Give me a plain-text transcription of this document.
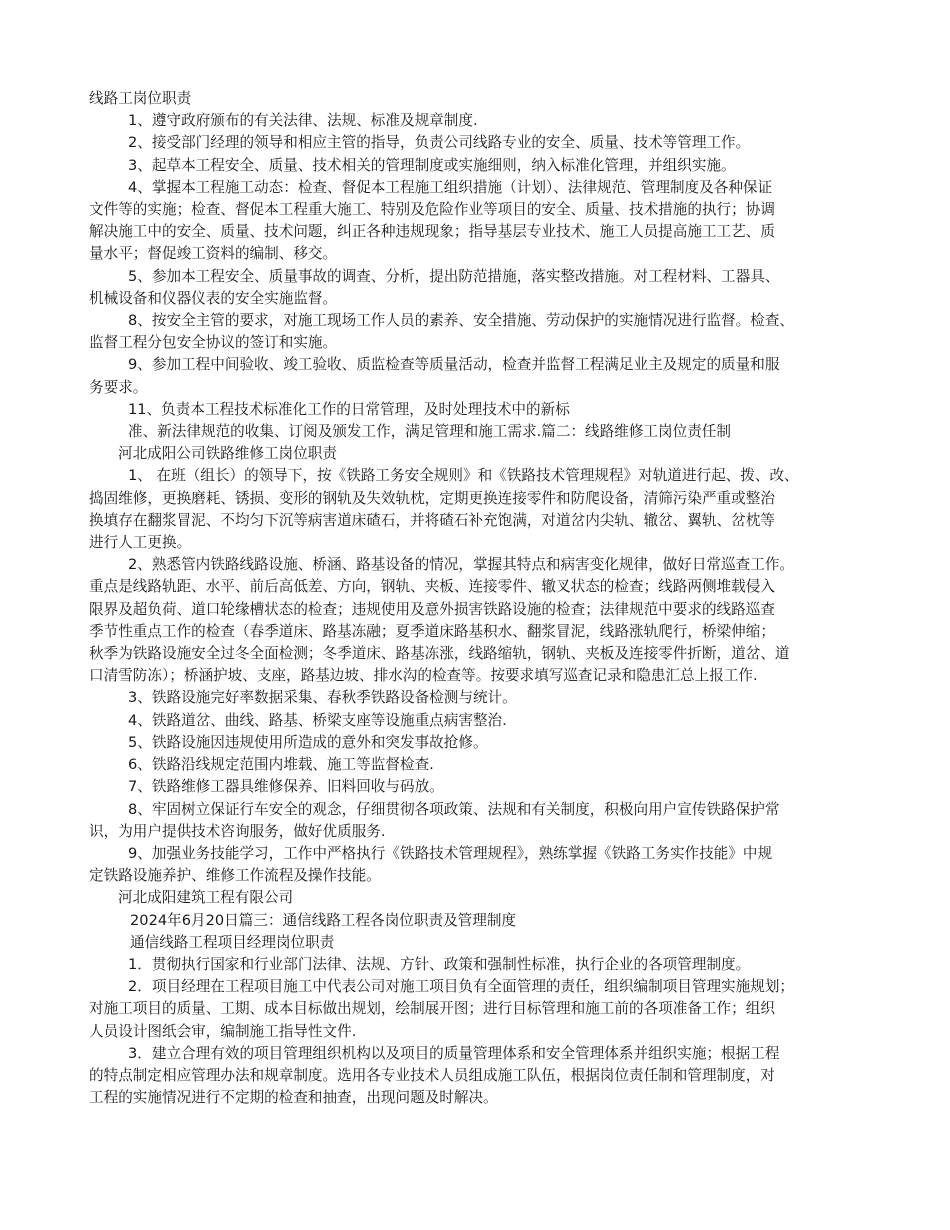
线路工岗位职责

1、遵守政府颁布的有关法律、法规、标准及规章制度.

2、接受部门经理的领导和相应主管的指导，负责公司线路专业的安全、质量、技术等管理工作。

3、起草本工程安全、质量、技术相关的管理制度或实施细则，纳入标准化管理，并组织实施。

4、掌握本工程施工动态：检查、督促本工程施工组织措施（计划）、法律规范、管理制度及各种保证

文件等的实施；检查、督促本工程重大施工、特别及危险作业等项目的安全、质量、技术措施的执行；协调

解决施工中的安全、质量、技术问题，纠正各种违规现象；指导基层专业技术、施工人员提高施工工艺、质

量水平；督促竣工资料的编制、移交。

5、参加本工程安全、质量事故的调查、分析，提出防范措施，落实整改措施。对工程材料、工器具、

机械设备和仪器仪表的安全实施监督。

8、按安全主管的要求，对施工现场工作人员的素养、安全措施、劳动保护的实施情况进行监督。检查、

监督工程分包安全协议的签订和实施。

9、参加工程中间验收、竣工验收、质监检查等质量活动，检查并监督工程满足业主及规定的质量和服

务要求。

11、负责本工程技术标准化工作的日常管理，及时处理技术中的新标

准、新法律规范的收集、订阅及颁发工作，满足管理和施工需求.篇二：线路维修工岗位责任制

河北成阳公司铁路维修工岗位职责

1、 在班（组长）的领导下，按《铁路工务安全规则》和《铁路技术管理规程》对轨道进行起、拨、改、

捣固维修，更换磨耗、锈损、变形的钢轨及失效轨枕，定期更换连接零件和防爬设备，清筛污染严重或整治

换填存在翻浆冒泥、不均匀下沉等病害道床碴石，并将碴石补充饱满，对道岔内尖轨、辙岔、翼轨、岔枕等

进行人工更换。

2、熟悉管内铁路线路设施、桥涵、路基设备的情况，掌握其特点和病害变化规律，做好日常巡查工作。

重点是线路轨距、水平、前后高低差、方向，钢轨、夹板、连接零件、辙叉状态的检查；线路两侧堆载侵入

限界及超负荷、道口轮缘槽状态的检查；违规使用及意外损害铁路设施的检查；法律规范中要求的线路巡查

季节性重点工作的检查（春季道床、路基冻融；夏季道床路基积水、翻浆冒泥，线路涨轨爬行，桥梁伸缩；

秋季为铁路设施安全过冬全面检测；冬季道床、路基冻涨，线路缩轨，钢轨、夹板及连接零件折断，道岔、道

口清雪防冻）；桥涵护坡、支座，路基边坡、排水沟的检查等。按要求填写巡查记录和隐患汇总上报工作.

3、铁路设施完好率数据采集、春秋季铁路设备检测与统计。

4、铁路道岔、曲线、路基、桥梁支座等设施重点病害整治.

5、铁路设施因违规使用所造成的意外和突发事故抢修。

6、铁路沿线规定范围内堆载、施工等监督检查.

7、铁路维修工器具维修保养、旧料回收与码放。

8、牢固树立保证行车安全的观念，仔细贯彻各项政策、法规和有关制度，积极向用户宣传铁路保护常

识，为用户提供技术咨询服务，做好优质服务.

9、加强业务技能学习，工作中严格执行《铁路技术管理规程》，熟练掌握《铁路工务实作技能》中规

定铁路设施养护、维修工作流程及操作技能。

河北成阳建筑工程有限公司

2024年6月20日篇三：通信线路工程各岗位职责及管理制度

通信线路工程项目经理岗位职责

1．贯彻执行国家和行业部门法律、法规、方针、政策和强制性标准，执行企业的各项管理制度。

2．项目经理在工程项目施工中代表公司对施工项目负有全面管理的责任，组织编制项目管理实施规划；

对施工项目的质量、工期、成本目标做出规划，绘制展开图；进行目标管理和施工前的各项准备工作；组织

人员设计图纸会审，编制施工指导性文件.

3．建立合理有效的项目管理组织机构以及项目的质量管理体系和安全管理体系并组织实施；根据工程

的特点制定相应管理办法和规章制度。选用各专业技术人员组成施工队伍，根据岗位责任制和管理制度，对

工程的实施情况进行不定期的检查和抽查，出现问题及时解决。
